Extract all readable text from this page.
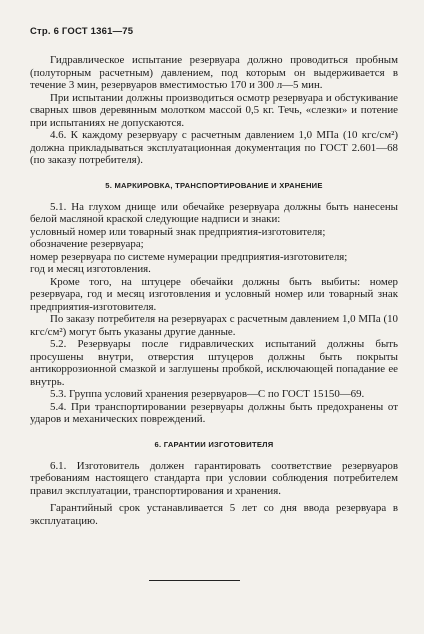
Стр. 6 ГОСТ 1361—75

Гидравлическое испытание резервуара должно проводиться пробным (полуторным расчетным) давлением, под которым он выдерживается в течение 3 мин, резервуаров вместимостью 170 и 300 л—5 мин.

При испытании должны производиться осмотр резервуара и обстукивание сварных швов деревянным молотком массой 0,5 кг. Течь, «слезки» и потение при испытаниях не допускаются.

4.6. К каждому резервуару с расчетным давлением 1,0 МПа (10 кгс/см²) должна прикладываться эксплуатационная документация по ГОСТ 2.601—68 (по заказу потребителя).

5. МАРКИРОВКА, ТРАНСПОРТИРОВАНИЕ И ХРАНЕНИЕ

5.1. На глухом днище или обечайке резервуара должны быть нанесены белой масляной краской следующие надписи и знаки:

условный номер или товарный знак предприятия-изготовителя;

обозначение резервуара;

номер резервуара по системе нумерации предприятия-изготовителя;

год и месяц изготовления.

Кроме того, на штуцере обечайки должны быть выбиты: номер резервуара, год и месяц изготовления и условный номер или товарный знак предприятия-изготовителя.

По заказу потребителя на резервуарах с расчетным давлением 1,0 МПа (10 кгс/см²) могут быть указаны другие данные.

5.2. Резервуары после гидравлических испытаний должны быть просушены внутри, отверстия штуцеров должны быть покрыты антикоррозионной смазкой и заглушены пробкой, исключающей попадание ее внутрь.

5.3. Группа условий хранения резервуаров—С по ГОСТ 15150—69.

5.4. При транспортировании резервуары должны быть предохранены от ударов и механических повреждений.

6. ГАРАНТИИ ИЗГОТОВИТЕЛЯ

6.1. Изготовитель должен гарантировать соответствие резервуаров требованиям настоящего стандарта при условии соблюдения потребителем правил эксплуатации, транспортирования и хранения.

Гарантийный срок устанавливается 5 лет со дня ввода резервуара в эксплуатацию.
